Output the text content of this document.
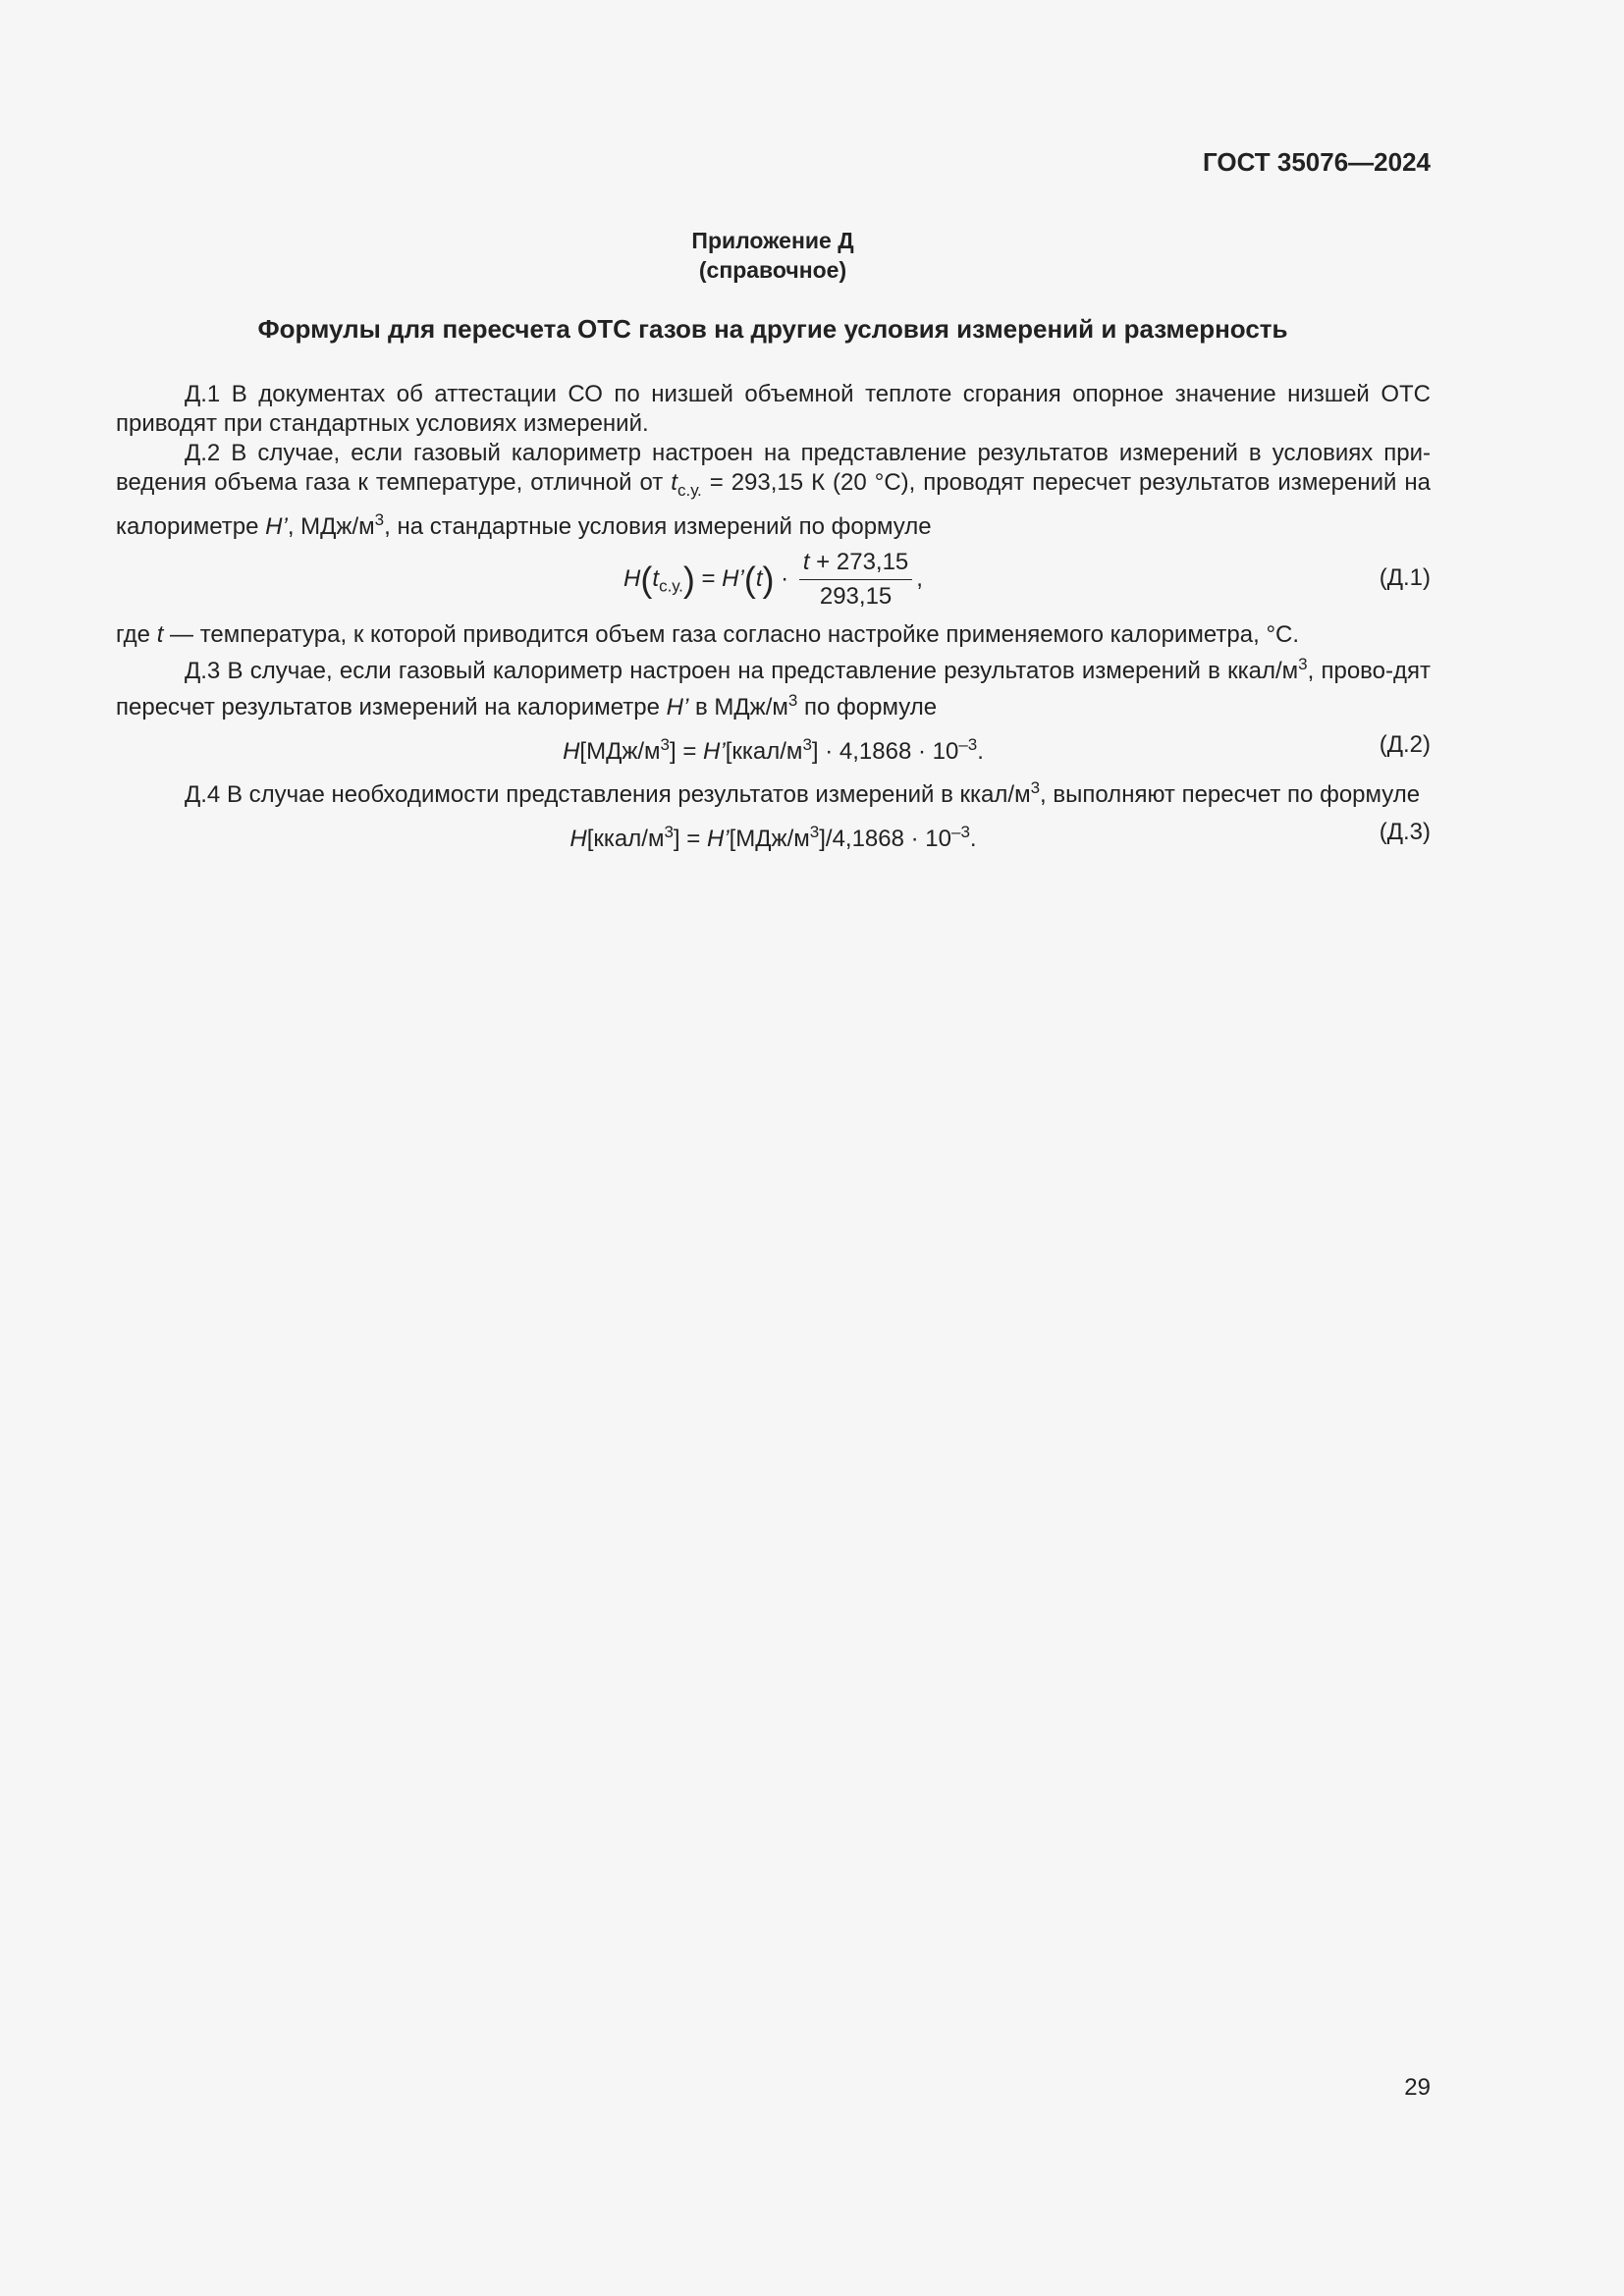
ГОСТ 35076—2024
Приложение Д
(справочное)
Формулы для пересчета ОТС газов на другие условия измерений и размерность

Д.1 В документах об аттестации СО по низшей объемной теплоте сгорания опорное значение низшей ОТС приводят при стандартных условиях измерений.

Д.2 В случае, если газовый калориметр настроен на представление результатов измерений в условиях при-ведения объема газа к температуре, отличной от $t_{с.у.} = 293,15$ К (20 °С), проводят пересчет результатов измерений на калориметре H’, МДж/$м^3$, на стандартные условия измерений по формуле

$H(t_{с.у.})$ = H’(t) · $\frac{t + 273,15}{293,15}$ ,	(Д.1)

где t — температура, к которой приводится объем газа согласно настройке применяемого калориметра, °С.

Д.3 В случае, если газовый калориметр настроен на представление результатов измерений в ккал/$м^3$, прово-дят пересчет результатов измерений на калориметре H’ в МДж/$м^3$ по формуле

$H[МДж/м^3]$ = $H’[ккал/м^3] \cdot 4,1868 \cdot 10^{-3}$.	(Д.2)

Д.4 В случае необходимости представления результатов измерений в ккал/$м^3$, выполняют пересчет по формуле

$H[ккал/м^3]$ = $H’[МДж/м^3]/4,1868 \cdot 10^{-3}$.	(Д.3)
29
